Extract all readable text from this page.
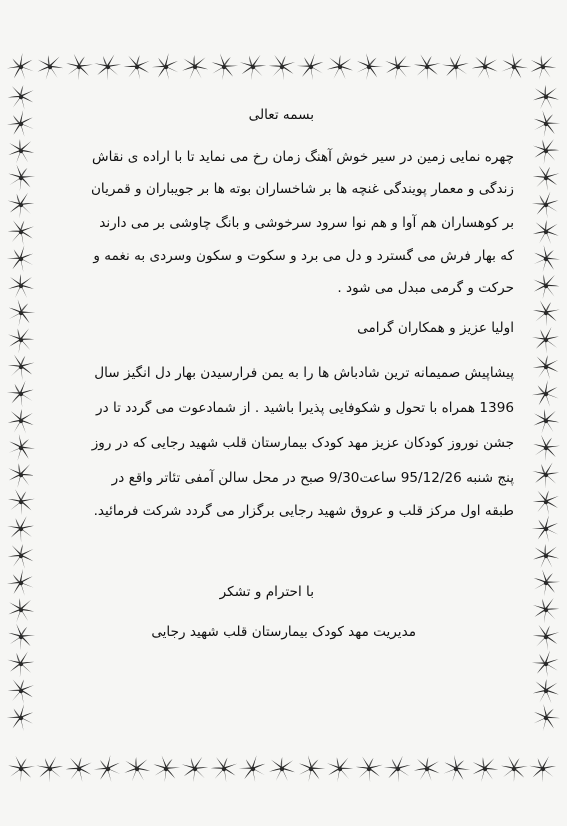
بسمه تعالی
چهره نمایی زمین در سیر خوش آهنگ زمان رخ می نماید تا با اراده ی نقاش
زندگی و معمار پویندگی غنچه ها بر شاخساران بوته ها بر جویباران و قمریان
بر کوهساران هم آوا و هم نوا سرود سرخوشی و بانگ چاوشی بر می دارند
که بهار فرش می گسترد و دل می برد و سکوت و سکون وسردی به نغمه و
حرکت و گرمی مبدل می شود .
اولیا عزیز و همکاران گرامی
پیشاپیش صمیمانه ترین شادباش ها را به یمن فرارسیدن بهار دل انگیز سال
1396 همراه با تحول و شکوفایی پذیرا باشید . از شمادعوت می گردد تا در
جشن نوروز کودکان عزیز مهد کودک بیمارستان قلب شهید رجایی که در روز
پنج شنبه 95/12/26 ساعت9/30 صبح در محل سالن آمفی تئاتر واقع در
طبقه اول مرکز قلب و عروق شهید رجایی برگزار می گردد شرکت فرمائید.
با احترام و تشکر
مدیریت مهد کودک بیمارستان قلب شهید رجایی
